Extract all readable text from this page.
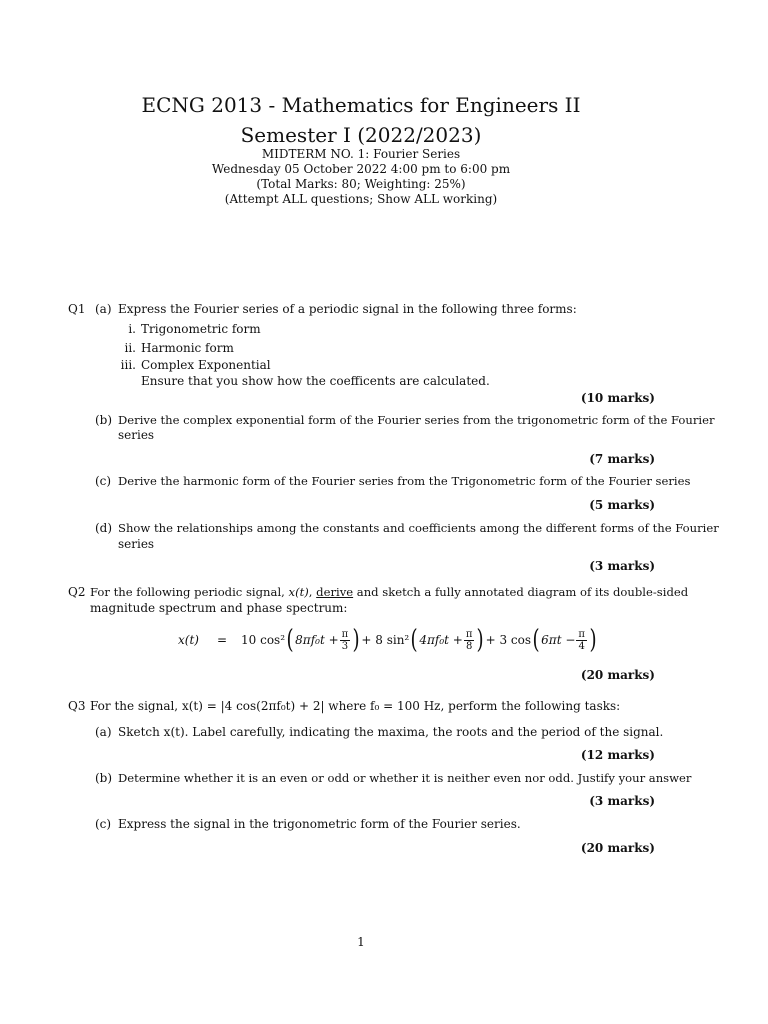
ECNG 2013 - Mathematics for Engineers II
Semester I (2022/2023)
MIDTERM NO. 1: Fourier Series
Wednesday 05 October 2022 4:00 pm to 6:00 pm
(Total Marks: 80; Weighting: 25%)
(Attempt ALL questions; Show ALL working)
Q1 (a) Express the Fourier series of a periodic signal in the following three forms:
i. Trigonometric form
ii. Harmonic form
iii. Complex Exponential
Ensure that you show how the coefficents are calculated.
(10 marks)
(b) Derive the complex exponential form of the Fourier series from the trigonometric form of the Fourier
series
(7 marks)
(c) Derive the harmonic form of the Fourier series from the Trigonometric form of the Fourier series
(5 marks)
(d) Show the relationships among the constants and coefficients among the different forms of the Fourier
series
(3 marks)
Q2 For the following periodic signal, x(t), derive and sketch a fully annotated diagram of its double-sided
magnitude spectrum and phase spectrum:
x(t) = 10 cos² ( $8\pi f_0t + \frac{\pi}{3}$ ) + 8 sin² ( $4\pi f_0t + \frac{\pi}{8}$ ) + 3 cos ( $6\pi t - \frac{\pi}{4}$ )
(20 marks)
Q3 For the signal, x(t) = |4 cos(2πf₀t) + 2| where f₀ = 100 Hz, perform the following tasks:
(a) Sketch x(t). Label carefully, indicating the maxima, the roots and the period of the signal.
(12 marks)
(b) Determine whether it is an even or odd or whether it is neither even nor odd. Justify your answer
(3 marks)
(c) Express the signal in the trigonometric form of the Fourier series.
(20 marks)
1
